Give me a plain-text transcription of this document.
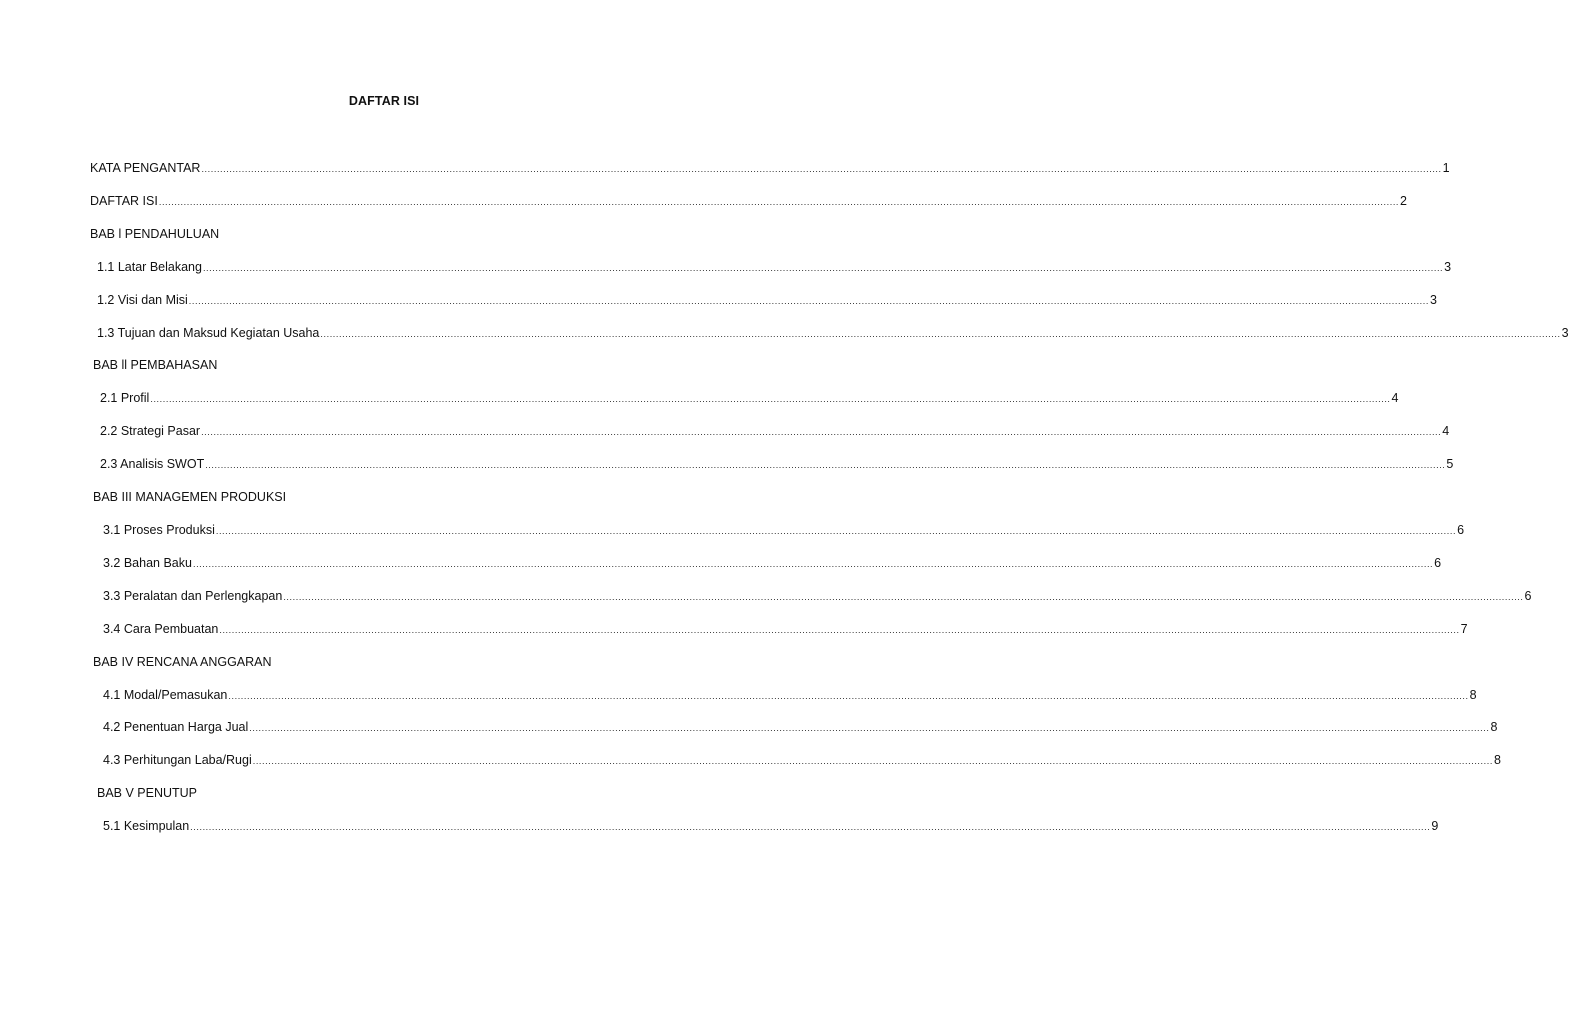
DAFTAR ISI
KATA PENGANTAR ................................................................................................................................................................................................................................................................................................................................................................................................................ 1
DAFTAR ISI ................................................................................................................................................................................................................................................................................................................................................................................................................ 2
BAB l PENDAHULUAN
1.1 Latar Belakang ................................................................................................................................................................................................................................................................................................................................................................................................................ 3
1.2 Visi dan Misi ................................................................................................................................................................................................................................................................................................................................................................................................................ 3
1.3 Tujuan dan Maksud Kegiatan Usaha ................................................................................................................................................................................................................................................................................................................................................................................................................ 3
BAB ll PEMBAHASAN
2.1 Profil ................................................................................................................................................................................................................................................................................................................................................................................................................ 4
2.2 Strategi Pasar ................................................................................................................................................................................................................................................................................................................................................................................................................ 4
2.3 Analisis SWOT ................................................................................................................................................................................................................................................................................................................................................................................................................ 5
BAB III MANAGEMEN PRODUKSI
3.1 Proses Produksi ................................................................................................................................................................................................................................................................................................................................................................................................................ 6
3.2 Bahan Baku ................................................................................................................................................................................................................................................................................................................................................................................................................ 6
3.3 Peralatan dan Perlengkapan ................................................................................................................................................................................................................................................................................................................................................................................................................ 6
3.4 Cara Pembuatan ................................................................................................................................................................................................................................................................................................................................................................................................................ 7
BAB IV RENCANA ANGGARAN
4.1 Modal/Pemasukan ................................................................................................................................................................................................................................................................................................................................................................................................................ 8
4.2 Penentuan Harga Jual ................................................................................................................................................................................................................................................................................................................................................................................................................ 8
4.3 Perhitungan Laba/Rugi ................................................................................................................................................................................................................................................................................................................................................................................................................ 8
BAB V PENUTUP
5.1 Kesimpulan ................................................................................................................................................................................................................................................................................................................................................................................................................ 9
